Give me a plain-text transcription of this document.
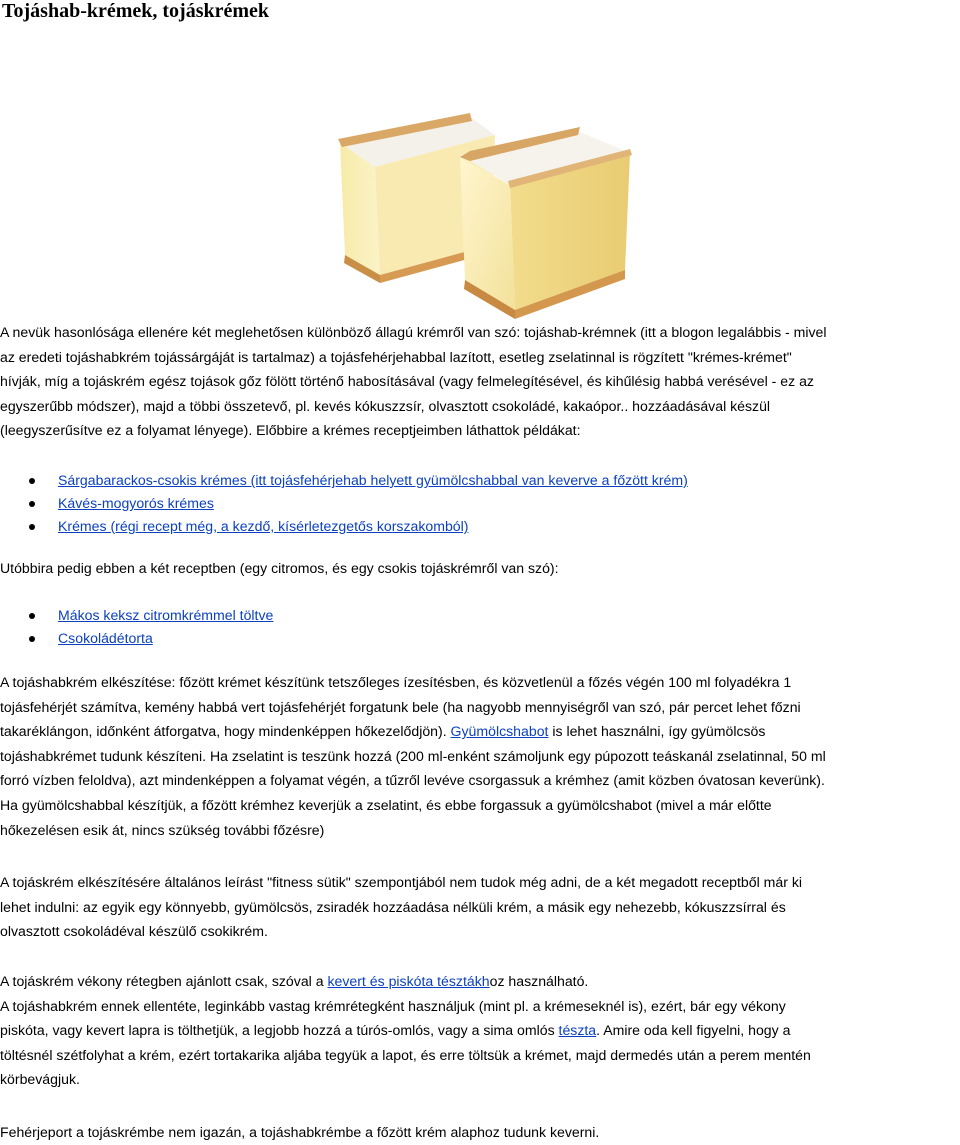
Tojáshab-krémek, tojáskrémek
A nevük hasonlósága ellenére két meglehetősen különböző állagú krémről van szó: tojáshab-krémnek (itt a blogon legalábbis - mivel
az eredeti tojáshabkrém tojássárgáját is tartalmaz) a tojásfehérjehabbal lazított, esetleg zselatinnal is rögzített "krémes-krémet"
hívják, míg a tojáskrém egész tojások gőz fölött történő habosításával (vagy felmelegítésével, és kihűlésig habbá verésével - ez az
egyszerűbb módszer), majd a többi összetevő, pl. kevés kókuszzsír, olvasztott csokoládé, kakaópor.. hozzáadásával készül
(leegyszerűsítve ez a folyamat lényege). Előbbire a krémes receptjeimben láthattok példákat:
Sárgabarackos-csokis krémes (itt tojásfehérjehab helyett gyümölcshabbal van keverve a főzött krém)
Kávés-mogyorós krémes
Krémes (régi recept még, a kezdő, kísérletezgetős korszakomból)
Utóbbira pedig ebben a két receptben (egy citromos, és egy csokis tojáskrémről van szó):
Mákos keksz citromkrémmel töltve
Csokoládétorta
A tojáshabkrém elkészítése: főzött krémet készítünk tetszőleges ízesítésben, és közvetlenül a főzés végén 100 ml folyadékra 1
tojásfehérjét számítva, kemény habbá vert tojásfehérjét forgatunk bele (ha nagyobb mennyiségről van szó, pár percet lehet főzni
takaréklángon, időnként átforgatva, hogy mindenképpen hőkezelődjön). Gyümölcshabot is lehet használni, így gyümölcsös
tojáshabkrémet tudunk készíteni. Ha zselatint is teszünk hozzá (200 ml-enként számoljunk egy púpozott teáskanál zselatinnal, 50 ml
forró vízben feloldva), azt mindenképpen a folyamat végén, a tűzről levéve csorgassuk a krémhez (amit közben óvatosan keverünk).
Ha gyümölcshabbal készítjük, a főzött krémhez keverjük a zselatint, és ebbe forgassuk a gyümölcshabot (mivel a már előtte
hőkezelésen esik át, nincs szükség további főzésre)
A tojáskrém elkészítésére általános leírást "fitness sütik" szempontjából nem tudok még adni, de a két megadott receptből már ki
lehet indulni: az egyik egy könnyebb, gyümölcsös, zsiradék hozzáadása nélküli krém, a másik egy nehezebb, kókuszzsírral és
olvasztott csokoládéval készülő csokikrém.
A tojáskrém vékony rétegben ajánlott csak, szóval a kevert és piskóta tésztákhoz használható.
A tojáshabkrém ennek ellentéte, leginkább vastag krémrétegként használjuk (mint pl. a krémeseknél is), ezért, bár egy vékony
piskóta, vagy kevert lapra is tölthetjük, a legjobb hozzá a túrós-omlós, vagy a sima omlós tészta. Amire oda kell figyelni, hogy a
töltésnél szétfolyhat a krém, ezért tortakarika aljába tegyük a lapot, és erre töltsük a krémet, majd dermedés után a perem mentén
körbevágjuk.
Fehérjeport a tojáskrémbe nem igazán, a tojáshabkrémbe a főzött krém alaphoz tudunk keverni.
